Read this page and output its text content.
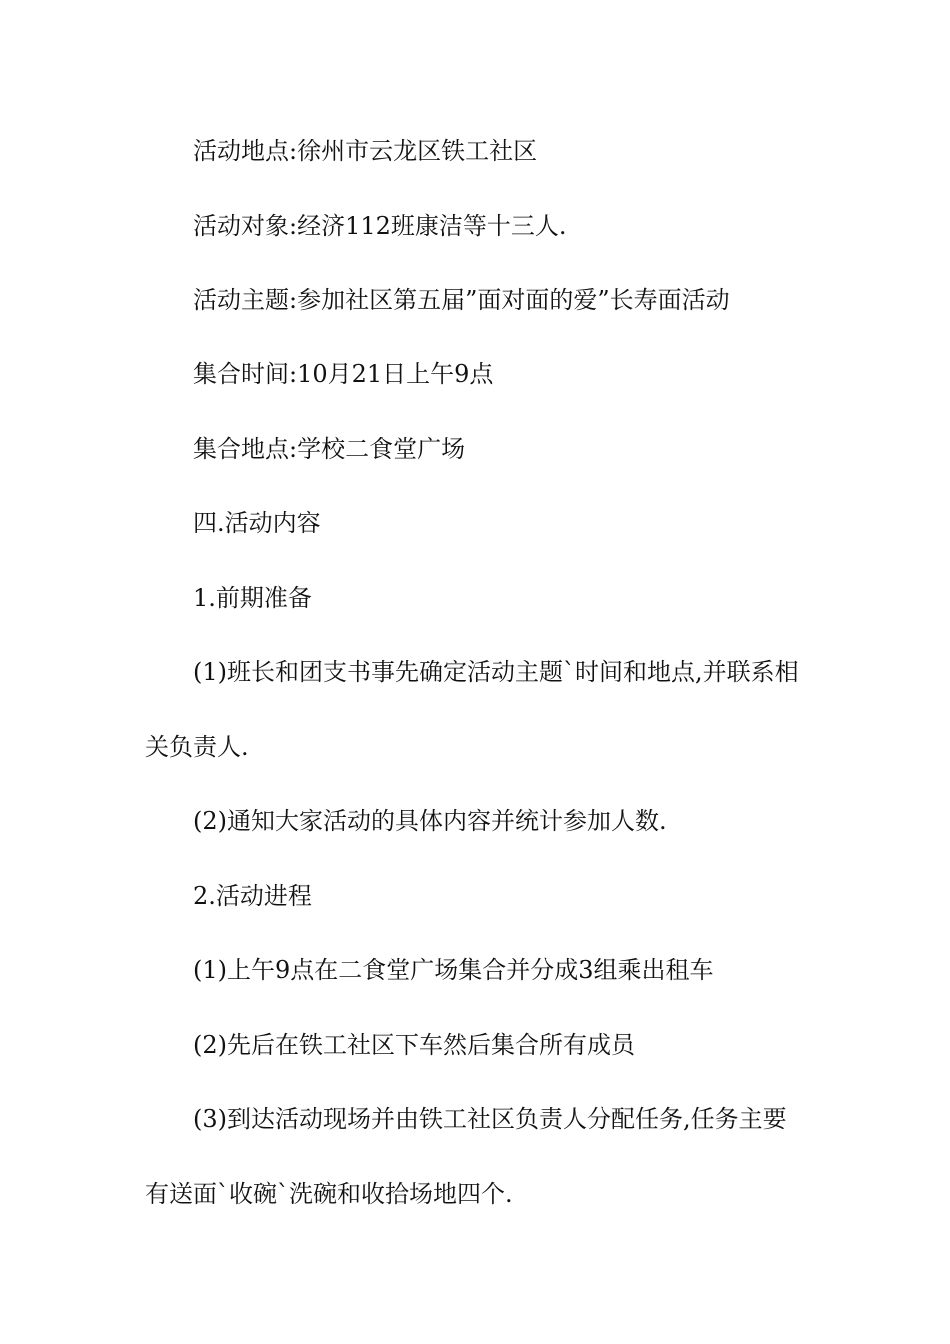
活动地点:徐州市云龙区铁工社区

活动对象:经济112班康洁等十三人.

活动主题:参加社区第五届”面对面的爱”长寿面活动

集合时间:10月21日上午9点

集合地点:学校二食堂广场

四.活动内容

1.前期准备

(1)班长和团支书事先确定活动主题`时间和地点,并联系相

关负责人.

(2)通知大家活动的具体内容并统计参加人数.

2.活动进程

(1)上午9点在二食堂广场集合并分成3组乘出租车

(2)先后在铁工社区下车然后集合所有成员

(3)到达活动现场并由铁工社区负责人分配任务,任务主要

有送面`收碗`洗碗和收拾场地四个.
